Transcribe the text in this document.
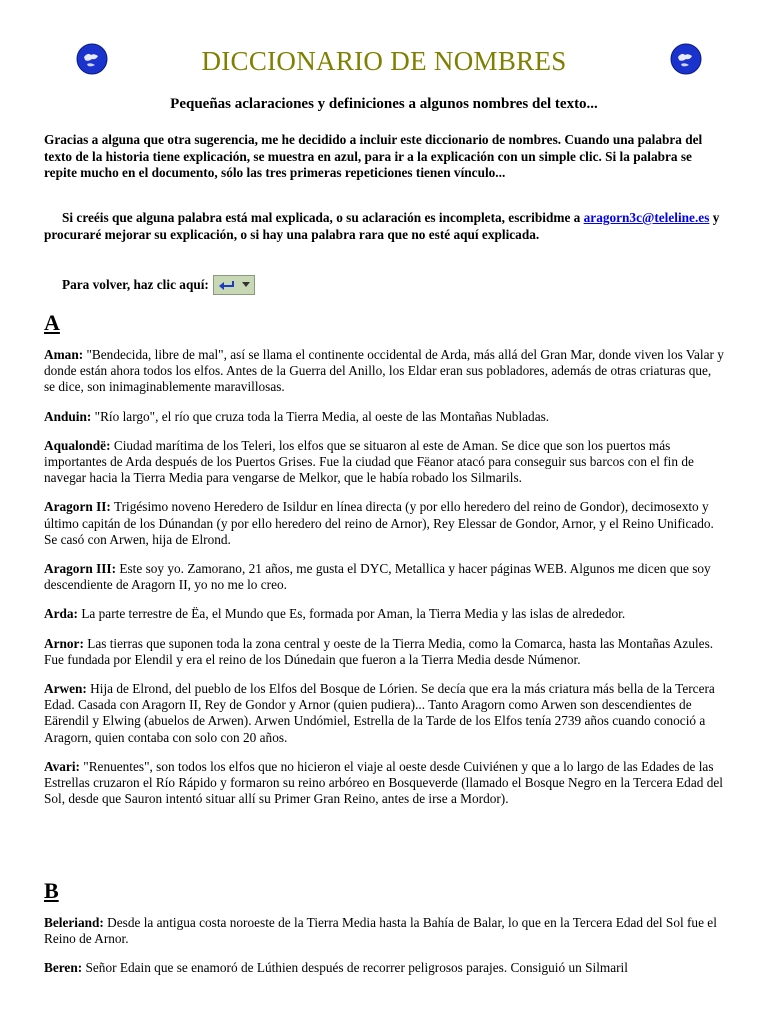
DICCIONARIO DE NOMBRES
Pequeñas aclaraciones y definiciones a algunos nombres del texto...

Gracias a alguna que otra sugerencia, me he decidido a incluir este diccionario de nombres. Cuando una palabra del texto de la historia tiene explicación, se muestra en azul, para ir a la explicación con un simple clic. Si la palabra se repite mucho en el documento, sólo las tres primeras repeticiones tienen vínculo...

Si creéis que alguna palabra está mal explicada, o su aclaración es incompleta, escribidme a aragorn3c@teleline.es y procuraré mejorar su explicación, o si hay una palabra rara que no esté aquí explicada.

Para volver, haz clic aquí:
A

Aman: "Bendecida, libre de mal", así se llama el continente occidental de Arda, más allá del Gran Mar, donde viven los Valar y donde están ahora todos los elfos. Antes de la Guerra del Anillo, los Eldar eran sus pobladores, además de otras criaturas que, se dice, son inimaginablemente maravillosas.

Anduin: "Río largo", el río que cruza toda la Tierra Media, al oeste de las Montañas Nubladas.

Aqualondë: Ciudad marítima de los Teleri, los elfos que se situaron al este de Aman. Se dice que son los puertos más importantes de Arda después de los Puertos Grises. Fue la ciudad que Fëanor atacó para conseguir sus barcos con el fin de navegar hacia la Tierra Media para vengarse de Melkor, que le había robado los Silmarils.

Aragorn II: Trigésimo noveno Heredero de Isildur en línea directa (y por ello heredero del reino de Gondor), decimosexto y último capitán de los Dúnandan (y por ello heredero del reino de Arnor), Rey Elessar de Gondor, Arnor, y el Reino Unificado. Se casó con Arwen, hija de Elrond.

Aragorn III: Este soy yo. Zamorano, 21 años, me gusta el DYC, Metallica y hacer páginas WEB. Algunos me dicen que soy descendiente de Aragorn II, yo no me lo creo.

Arda: La parte terrestre de Ëa, el Mundo que Es, formada por Aman, la Tierra Media y las islas de alrededor.

Arnor: Las tierras que suponen toda la zona central y oeste de la Tierra Media, como la Comarca, hasta las Montañas Azules. Fue fundada por Elendil y era el reino de los Dúnedain que fueron a la Tierra Media desde Númenor.

Arwen: Hija de Elrond, del pueblo de los Elfos del Bosque de Lórien. Se decía que era la más criatura más bella de la Tercera Edad. Casada con Aragorn II, Rey de Gondor y Arnor (quien pudiera)... Tanto Aragorn como Arwen son descendientes de Eärendil y Elwing (abuelos de Arwen). Arwen Undómiel, Estrella de la Tarde de los Elfos tenía 2739 años cuando conoció a Aragorn, quien contaba con solo con 20 años.

Avari: "Renuentes", son todos los elfos que no hicieron el viaje al oeste desde Cuiviénen y que a lo largo de las Edades de las Estrellas cruzaron el Río Rápido y formaron su reino arbóreo en Bosqueverde (llamado el Bosque Negro en la Tercera Edad del Sol, desde que Sauron intentó situar allí su Primer Gran Reino, antes de irse a Mordor).

B

Beleriand: Desde la antigua costa noroeste de la Tierra Media hasta la Bahía de Balar, lo que en la Tercera Edad del Sol fue el Reino de Arnor.

Beren: Señor Edain que se enamoró de Lúthien después de recorrer peligrosos parajes. Consiguió un Silmaril
